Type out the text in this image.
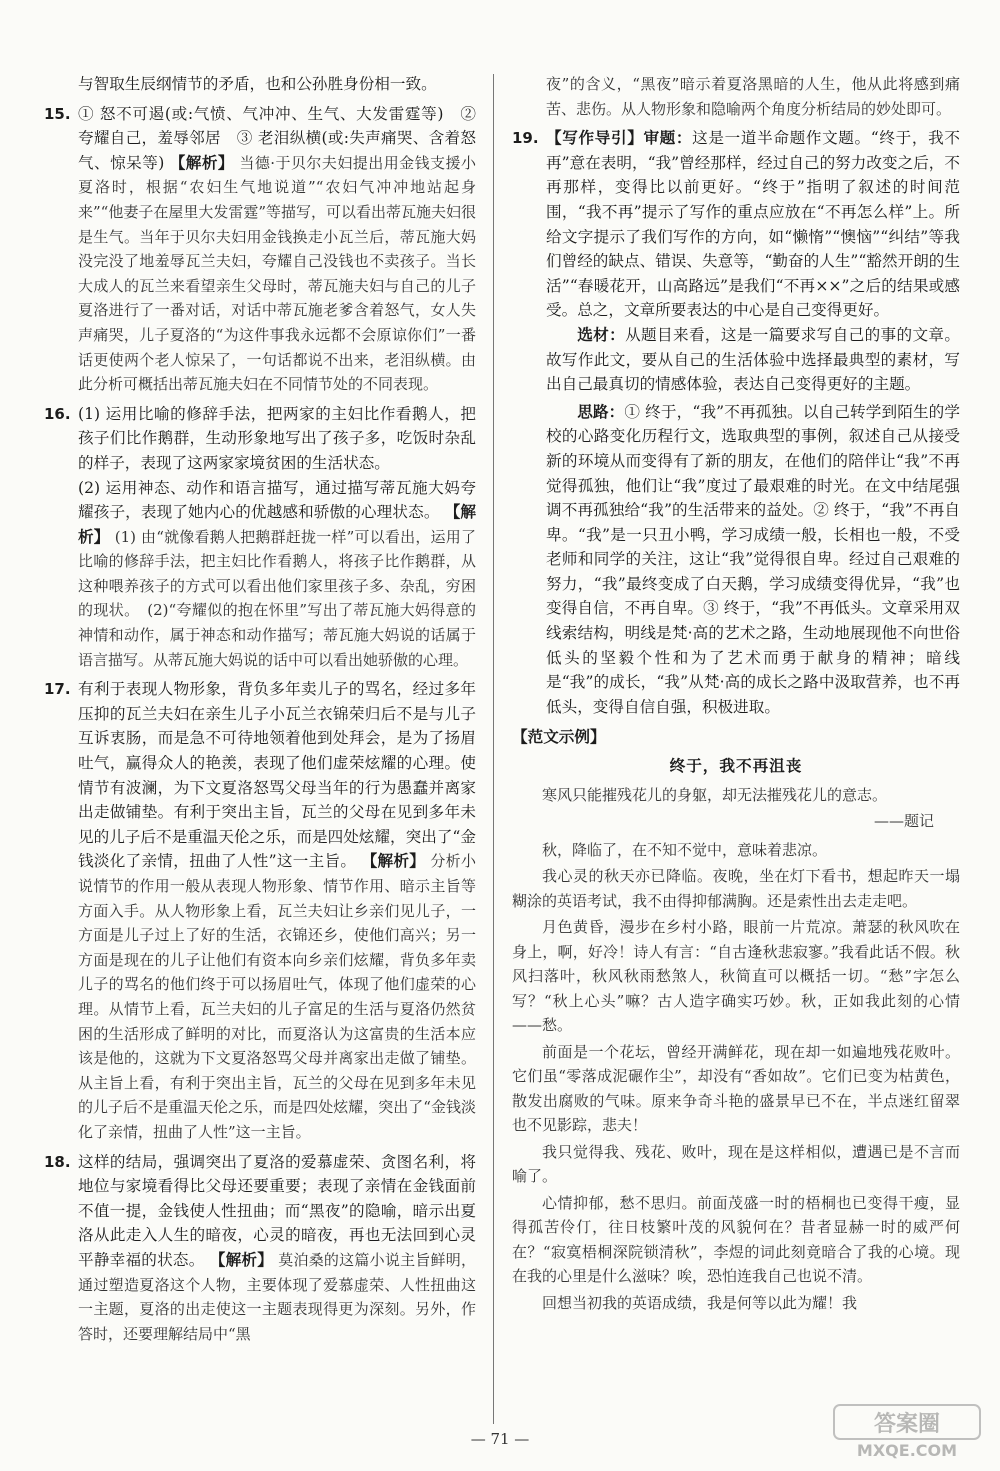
与智取生辰纲情节的矛盾，也和公孙胜身份相一致。
15. ① 怒不可遏(或:气愤、气冲冲、生气、大发雷霆等)　② 夸耀自己，羞辱邻居　③ 老泪纵横(或:失声痛哭、含着怒气、惊呆等) 【解析】 当德·于贝尔夫妇提出用金钱支援小夏洛时，根据“农妇生气地说道”“农妇气冲冲地站起身来”“他妻子在屋里大发雷霆”等描写，可以看出蒂瓦施夫妇很是生气。当年于贝尔夫妇用金钱换走小瓦兰后，蒂瓦施大妈没完没了地羞辱瓦兰夫妇，夸耀自己没钱也不卖孩子。当长大成人的瓦兰来看望亲生父母时，蒂瓦施夫妇与自己的儿子夏洛进行了一番对话，对话中蒂瓦施老爹含着怒气，女人失声痛哭，儿子夏洛的“为这件事我永远都不会原谅你们”一番话更使两个老人惊呆了，一句话都说不出来，老泪纵横。由此分析可概括出蒂瓦施夫妇在不同情节处的不同表现。
16. (1) 运用比喻的修辞手法，把两家的主妇比作看鹅人，把孩子们比作鹅群，生动形象地写出了孩子多，吃饭时杂乱的样子，表现了这两家家境贫困的生活状态。
(2) 运用神态、动作和语言描写，通过描写蒂瓦施大妈夸耀孩子，表现了她内心的优越感和骄傲的心理状态。 【解析】 (1) 由“就像看鹅人把鹅群赶拢一样”可以看出，运用了比喻的修辞手法，把主妇比作看鹅人，将孩子比作鹅群，从这种喂养孩子的方式可以看出他们家里孩子多、杂乱，穷困的现状。　(2)“夸耀似的抱在怀里”写出了蒂瓦施大妈得意的神情和动作，属于神态和动作描写；蒂瓦施大妈说的话属于语言描写。从蒂瓦施大妈说的话中可以看出她骄傲的心理。
17. 有利于表现人物形象，背负多年卖儿子的骂名，经过多年压抑的瓦兰夫妇在亲生儿子小瓦兰衣锦荣归后不是与儿子互诉衷肠，而是急不可待地领着他到处拜会，是为了扬眉吐气，赢得众人的艳羡，表现了他们虚荣炫耀的心理。使情节有波澜，为下文夏洛怒骂父母当年的行为愚蠢并离家出走做铺垫。有利于突出主旨，瓦兰的父母在见到多年未见的儿子后不是重温天伦之乐，而是四处炫耀，突出了“金钱淡化了亲情，扭曲了人性”这一主旨。 【解析】 分析小说情节的作用一般从表现人物形象、情节作用、暗示主旨等方面入手。从人物形象上看，瓦兰夫妇让乡亲们见儿子，一方面是儿子过上了好的生活，衣锦还乡，使他们高兴；另一方面是现在的儿子让他们有资本向乡亲们炫耀，背负多年卖儿子的骂名的他们终于可以扬眉吐气，体现了他们虚荣的心理。从情节上看，瓦兰夫妇的儿子富足的生活与夏洛仍然贫困的生活形成了鲜明的对比，而夏洛认为这富贵的生活本应该是他的，这就为下文夏洛怒骂父母并离家出走做了铺垫。从主旨上看，有利于突出主旨，瓦兰的父母在见到多年未见的儿子后不是重温天伦之乐，而是四处炫耀，突出了“金钱淡化了亲情，扭曲了人性”这一主旨。
18. 这样的结局，强调突出了夏洛的爱慕虚荣、贪图名利，将地位与家境看得比父母还要重要；表现了亲情在金钱面前不值一提，金钱使人性扭曲；而“黑夜”的隐喻，暗示出夏洛从此走入人生的暗夜，心灵的暗夜，再也无法回到心灵平静幸福的状态。 【解析】 莫泊桑的这篇小说主旨鲜明，通过塑造夏洛这个人物，主要体现了爱慕虚荣、人性扭曲这一主题，夏洛的出走使这一主题表现得更为深刻。另外，作答时，还要理解结局中“黑
夜”的含义，“黑夜”暗示着夏洛黑暗的人生，他从此将感到痛苦、悲伤。从人物形象和隐喻两个角度分析结局的妙处即可。
19. 【写作导引】审题：这是一道半命题作文题。“终于，我不再”意在表明，“我”曾经那样，经过自己的努力改变之后，不再那样，变得比以前更好。“终于”指明了叙述的时间范围，“我不再”提示了写作的重点应放在“不再怎么样”上。所给文字提示了我们写作的方向，如“懒惰”“懊恼”“纠结”等我们曾经的缺点、错误、失意等，“勤奋的人生”“豁然开朗的生活”“春暖花开，山高路远”是我们“不再××”之后的结果或感受。总之，文章所要表达的中心是自己变得更好。
选材：从题目来看，这是一篇要求写自己的事的文章。故写作此文，要从自己的生活体验中选择最典型的素材，写出自己最真切的情感体验，表达自己变得更好的主题。
思路：① 终于，“我”不再孤独。以自己转学到陌生的学校的心路变化历程行文，选取典型的事例，叙述自己从接受新的环境从而变得有了新的朋友，在他们的陪伴让“我”不再觉得孤独，他们让“我”度过了最艰难的时光。在文中结尾强调不再孤独给“我”的生活带来的益处。② 终于，“我”不再自卑。“我”是一只丑小鸭，学习成绩一般，长相也一般，不受老师和同学的关注，这让“我”觉得很自卑。经过自己艰难的努力，“我”最终变成了白天鹅，学习成绩变得优异，“我”也变得自信，不再自卑。③ 终于，“我”不再低头。文章采用双线索结构，明线是梵·高的艺术之路，生动地展现他不向世俗低头的坚毅个性和为了艺术而勇于献身的精神；暗线是“我”的成长，“我”从梵·高的成长之路中汲取营养，也不再低头，变得自信自强，积极进取。
【范文示例】
终于，我不再沮丧
寒风只能摧残花儿的身躯，却无法摧残花儿的意志。
——题记

秋，降临了，在不知不觉中，意味着悲凉。

我心灵的秋天亦已降临。夜晚，坐在灯下看书，想起昨天一塌糊涂的英语考试，我不由得抑郁满胸。还是索性出去走走吧。

月色黄昏，漫步在乡村小路，眼前一片荒凉。萧瑟的秋风吹在身上，啊，好冷！诗人有言：“自古逢秋悲寂寥。”我看此话不假。秋风扫落叶，秋风秋雨愁煞人，秋简直可以概括一切。“愁”字怎么写？“秋上心头”嘛？古人造字确实巧妙。秋，正如我此刻的心情——愁。

前面是一个花坛，曾经开满鲜花，现在却一如遍地残花败叶。它们虽“零落成泥碾作尘”，却没有“香如故”。它们已变为枯黄色，散发出腐败的气味。原来争奇斗艳的盛景早已不在，半点迷红留翠也不见影踪，悲夫！

我只觉得我、残花、败叶，现在是这样相似，遭遇已是不言而喻了。

心情抑郁，愁不思归。前面茂盛一时的梧桐也已变得干瘦，显得孤苦伶仃，往日枝繁叶茂的风貌何在？昔者显赫一时的威严何在？“寂寞梧桐深院锁清秋”，李煜的词此刻竟暗合了我的心境。现在我的心里是什么滋味？唉，恐怕连我自己也说不清。

回想当初我的英语成绩，我是何等以此为耀！我

— 71 —
答案圈
MXQE.COM
